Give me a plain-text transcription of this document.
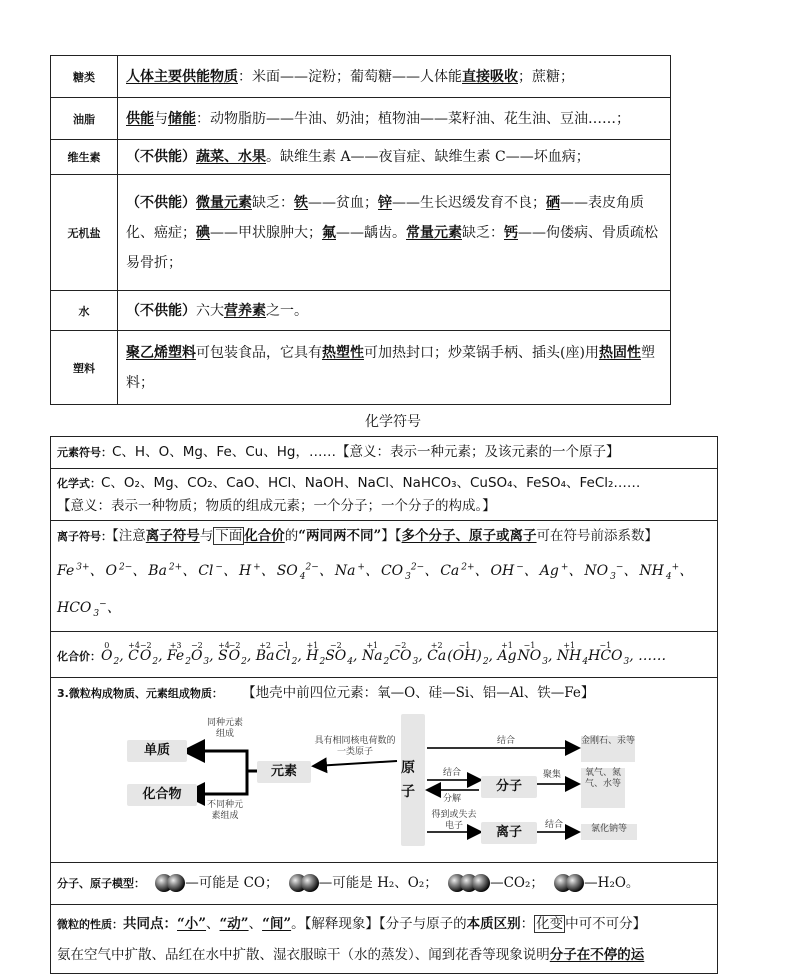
糖类	人体主要供能物质：米面——淀粉；葡萄糖——人体能直接吸收；蔗糖；
油脂	供能与储能：动物脂肪——牛油、奶油；植物油——菜籽油、花生油、豆油……；
维生素	（不供能）蔬菜、水果。缺维生素 A——夜盲症、缺维生素 C——坏血病；
无机盐	（不供能）微量元素缺乏：铁——贫血；锌——生长迟缓发育不良；硒——表皮角质化、癌症；碘——甲状腺肿大；氟——龋齿。常量元素缺乏：钙——佝偻病、骨质疏松易骨折；
水	（不供能）六大营养素之一。
塑料	聚乙烯塑料可包装食品，它具有热塑性可加热封口；炒菜锅手柄、插头(座)用热固性塑料；
化学符号
元素符号：C、H、O、Mg、Fe、Cu、Hg，……【意义：表示一种元素；及该元素的一个原子】
化学式：C、O₂、Mg、CO₂、CaO、HCl、NaOH、NaCl、NaHCO₃、CuSO₄、FeSO₄、FeCl₂……
【意义：表示一种物质；物质的组成元素；一个分子；一个分子的构成。】
离子符号：【注意离子符号与 下面 化合价的“两同两不同”】【多个分子、原子或离子可在符号前添系数】
Fe $^{3+}$、 O $^{2-}$、 Ba $^{2+}$、 Cl −、 H +、 SO $_4^{2-}$、 Na +、 CO $_3^{2-}$、 Ca $^{2+}$、 OH −、 Ag +、 NO $_3$−、 NH $_4$+、HCO $_3$−、
化合价：
0
$O_2$,
+4
C
−2
$O_2$,
+3
$Fe_2$
−2
$O_3$,
+4
S
−2
$O_2$,
+2
Ba
−1
$Cl_2$,
+1
$H_2$
−2
$SO_4$,
+1
$Na_2$
−2
$CO_3$,
+2
Ca
−1
$(OH)_2$,
+1
Ag
−1
$NO_3$,
+1
$NH_4$
−1
$HCO_3$, ……
3.微粒构成物质、元素组成物质： 【地壳中前四位元素：氧—O、硅—Si、铝—Al、铁—Fe】
单质
化合物
元素	原子	分子
离子
同种元素组成
不同种元素组成
具有相同核电荷数的一类原子
结合
结合
分解
聚集
得到或失去电子	结合
金刚石、汞等
氧气、氮气、水等
氯化钠等
分子、原子模型：	—可能是 CO；	—可能是 H₂、O₂；	—CO₂；	—H₂O。
微粒的性质：共同点：“小”、“动”、“间”。【解释现象】【分子与原子的本质区别： 化变 中可不可分】
氨在空气中扩散、品红在水中扩散、湿衣服晾干（水的蒸发）、闻到花香等现象说明分子在不停的运
